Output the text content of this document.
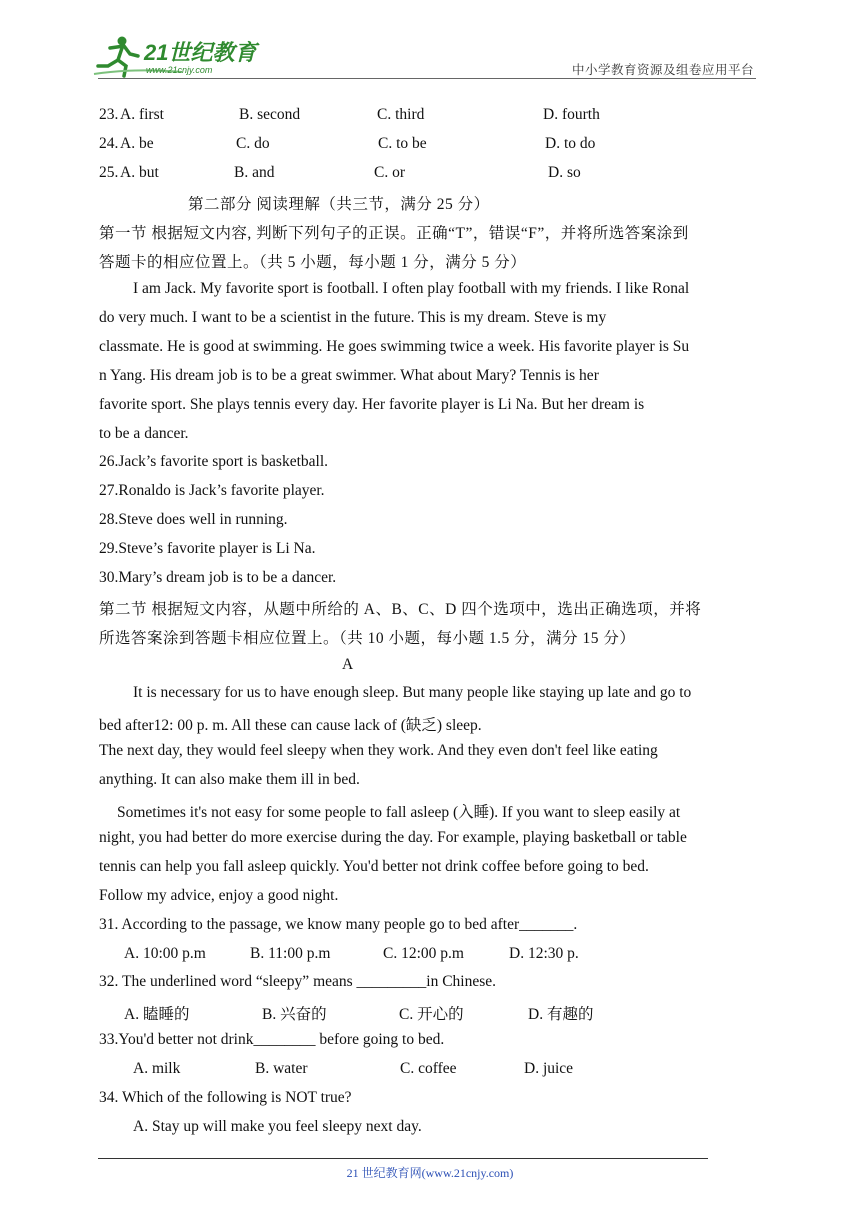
21世纪教育
www.21cnjy.com	中小学教育资源及组卷应用平台
23. A. first	B. second	C. third	D. fourth
24. A. be	C. do	C. to be	D. to do
25. A. but	B. and	C. or	D. so
第二部分 阅读理解（共三节，满分 25 分）
第一节 根据短文内容, 判断下列句子的正误。正确“T”，错误“F”，并将所选答案涂到
答题卡的相应位置上。（共 5 小题，每小题 1 分，满分 5 分）
I am Jack. My favorite sport is football. I often play football with my friends. I like Ronal
do very much. I want to be a scientist in the future. This is my dream. Steve is my
classmate. He is good at swimming. He goes swimming twice a week. His favorite player is Su
n Yang. His dream job is to be a great swimmer. What about Mary? Tennis is her
favorite sport. She plays tennis every day. Her favorite player is Li Na. But her dream is
to be a dancer.
26.Jack’s favorite sport is basketball.
27.Ronaldo is Jack’s favorite player.
28.Steve does well in running.
29.Steve’s favorite player is Li Na.
30.Mary’s dream job is to be a dancer.
第二节 根据短文内容，从题中所给的 A、B、C、D 四个选项中，选出正确选项，并将
所选答案涂到答题卡相应位置上。（共 10 小题，每小题 1.5 分，满分 15 分）
A
It is necessary for us to have enough sleep. But many people like staying up late and go to
bed after12: 00 p. m. All these can cause lack of (缺乏) sleep.
The next day, they would feel sleepy when they work. And they even don't feel like eating
anything. It can also make them ill in bed.
Sometimes it's not easy for some people to fall asleep (入睡). If you want to sleep easily at
night, you had better do more exercise during the day. For example, playing basketball or table
tennis can help you fall asleep quickly. You'd better not drink coffee before going to bed.
Follow my advice, enjoy a good night.
31. According to the passage, we know many people go to bed after_______.
A. 10:00 p.m	B. 11:00 p.m	C. 12:00 p.m	D. 12:30 p.
32. The underlined word “sleepy” means _________in Chinese.
A. 瞌睡的	B. 兴奋的	C. 开心的	D. 有趣的
33.You'd better not drink________ before going to bed.
A. milk	B. water	C. coffee	D. juice
34. Which of the following is NOT true?
A. Stay up will make you feel sleepy next day.
21 世纪教育网(www.21cnjy.com)
